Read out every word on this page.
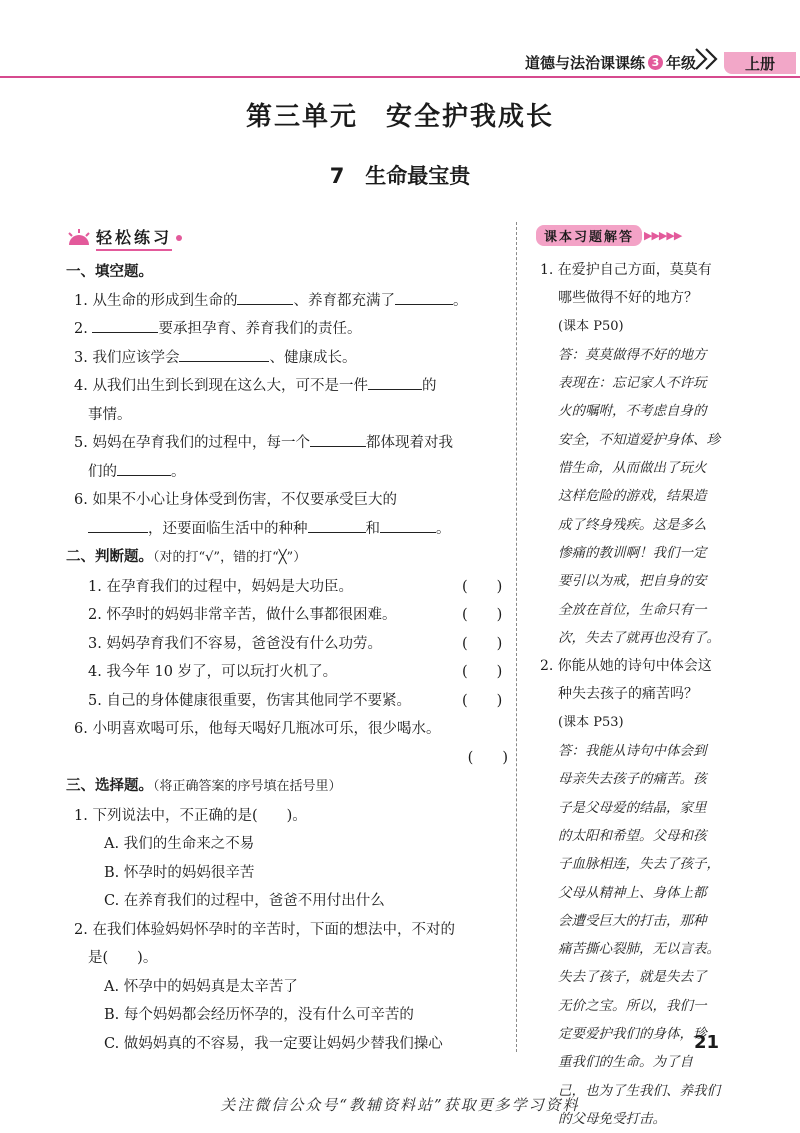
道德与法治课课练 3 年级	上册
第三单元　安全护我成长
7　生命最宝贵
轻松练习
一、填空题。
1. 从生命的形成到生命的	、养育都充满了	。
2.	要承担孕育、养育我们的责任。
3. 我们应该学会	、健康成长。
4. 从我们出生到长到现在这么大，可不是一件	的
事情。
5. 妈妈在孕育我们的过程中，每一个	都体现着对我
们的	。
6. 如果不小心让身体受到伤害，不仅要承受巨大的
，还要面临生活中的种种	和	。
二、判断题。（对的打“√”，错的打“╳”）
1. 在孕育我们的过程中，妈妈是大功臣。	(　　)
2. 怀孕时的妈妈非常辛苦，做什么事都很困难。	(　　)
3. 妈妈孕育我们不容易，爸爸没有什么功劳。	(　　)
4. 我今年 10 岁了，可以玩打火机了。	(　　)
5. 自己的身体健康很重要，伤害其他同学不要紧。	(　　)
6. 小明喜欢喝可乐，他每天喝好几瓶冰可乐，很少喝水。
(　　)
三、选择题。（将正确答案的序号填在括号里）
1. 下列说法中，不正确的是(　　)。
A. 我们的生命来之不易
B. 怀孕时的妈妈很辛苦
C. 在养育我们的过程中，爸爸不用付出什么
2. 在我们体验妈妈怀孕时的辛苦时，下面的想法中，不对的
是(　　)。
A. 怀孕中的妈妈真是太辛苦了
B. 每个妈妈都会经历怀孕的，没有什么可辛苦的
C. 做妈妈真的不容易，我一定要让妈妈少替我们操心
课本习题解答 ▶▶▶▶▶
1. 在爱护自己方面，莫莫有
哪些做得不好的地方？
(课本 P50)
答：莫莫做得不好的地方
表现在：忘记家人不许玩
火的嘱咐，不考虑自身的
安全，不知道爱护身体、珍
惜生命，从而做出了玩火
这样危险的游戏，结果造
成了终身残疾。这是多么
惨痛的教训啊！我们一定
要引以为戒，把自身的安
全放在首位，生命只有一
次，失去了就再也没有了。
2. 你能从她的诗句中体会这
种失去孩子的痛苦吗？
(课本 P53)
答：我能从诗句中体会到
母亲失去孩子的痛苦。孩
子是父母爱的结晶，家里
的太阳和希望。父母和孩
子血脉相连，失去了孩子，
父母从精神上、身体上都
会遭受巨大的打击，那种
痛苦撕心裂肺，无以言表。
失去了孩子，就是失去了
无价之宝。所以，我们一
定要爱护我们的身体，珍
重我们的生命。为了自
己，也为了生我们、养我们
的父母免受打击。
21
关注微信公众号“教辅资料站”获取更多学习资料
